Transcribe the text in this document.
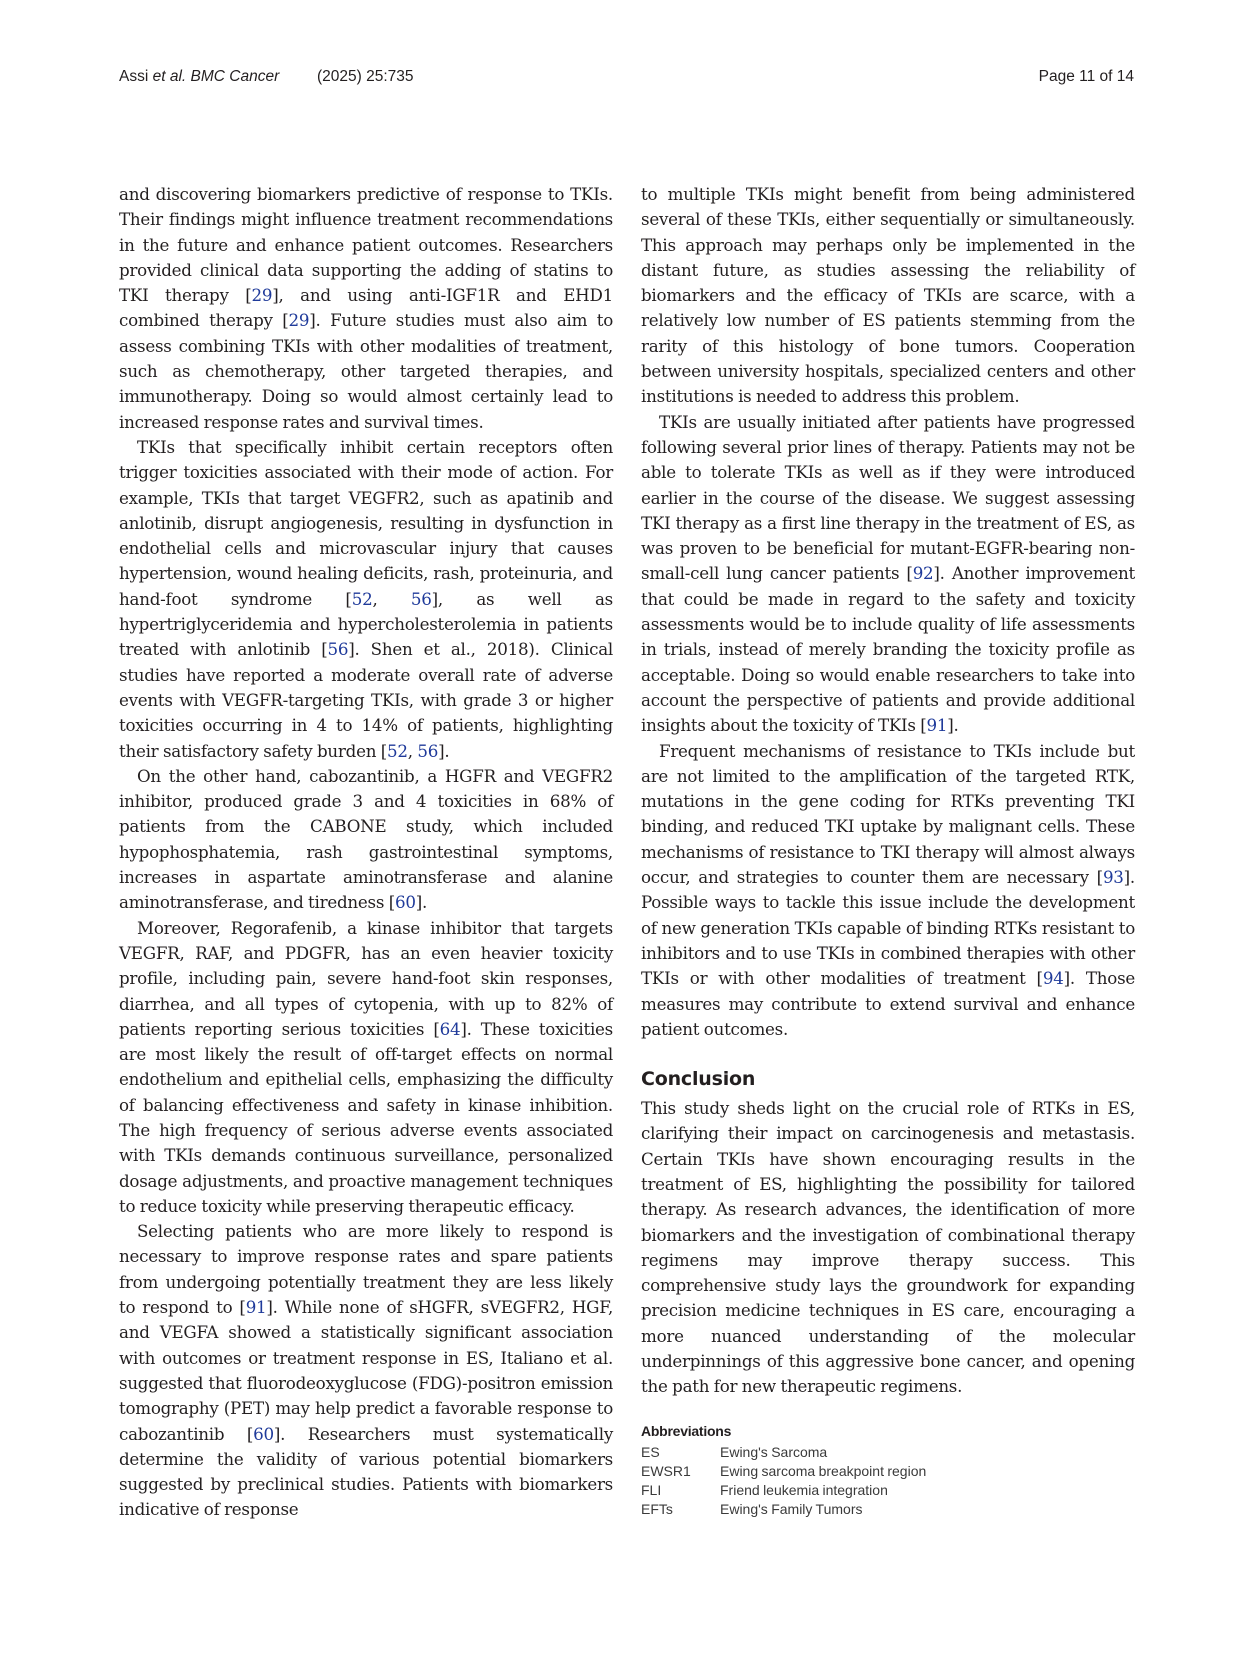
Assi et al. BMC Cancer (2025) 25:735	Page 11 of 14

and discovering biomarkers predictive of response to TKIs. Their findings might influence treatment recommendations in the future and enhance patient outcomes. Researchers provided clinical data supporting the adding of statins to TKI therapy [29], and using anti-IGF1R and EHD1 combined therapy [29]. Future studies must also aim to assess combining TKIs with other modalities of treatment, such as chemotherapy, other targeted therapies, and immunotherapy. Doing so would almost certainly lead to increased response rates and survival times.

TKIs that specifically inhibit certain receptors often trigger toxicities associated with their mode of action. For example, TKIs that target VEGFR2, such as apatinib and anlotinib, disrupt angiogenesis, resulting in dysfunction in endothelial cells and microvascular injury that causes hypertension, wound healing deficits, rash, proteinuria, and hand-foot syndrome [52, 56], as well as hypertriglyceridemia and hypercholesterolemia in patients treated with anlotinib [56]. Shen et al., 2018). Clinical studies have reported a moderate overall rate of adverse events with VEGFR-targeting TKIs, with grade 3 or higher toxicities occurring in 4 to 14% of patients, highlighting their satisfactory safety burden [52, 56].

On the other hand, cabozantinib, a HGFR and VEGFR2 inhibitor, produced grade 3 and 4 toxicities in 68% of patients from the CABONE study, which included hypophosphatemia, rash gastrointestinal symptoms, increases in aspartate aminotransferase and alanine aminotransferase, and tiredness [60].

Moreover, Regorafenib, a kinase inhibitor that targets VEGFR, RAF, and PDGFR, has an even heavier toxicity profile, including pain, severe hand-foot skin responses, diarrhea, and all types of cytopenia, with up to 82% of patients reporting serious toxicities [64]. These toxicities are most likely the result of off-target effects on normal endothelium and epithelial cells, emphasizing the difficulty of balancing effectiveness and safety in kinase inhibition. The high frequency of serious adverse events associated with TKIs demands continuous surveillance, personalized dosage adjustments, and proactive management techniques to reduce toxicity while preserving therapeutic efficacy.

Selecting patients who are more likely to respond is necessary to improve response rates and spare patients from undergoing potentially treatment they are less likely to respond to [91]. While none of sHGFR, sVEGFR2, HGF, and VEGFA showed a statistically significant association with outcomes or treatment response in ES, Italiano et al. suggested that fluorodeoxyglucose (FDG)-positron emission tomography (PET) may help predict a favorable response to cabozantinib [60]. Researchers must systematically determine the validity of various potential biomarkers suggested by preclinical studies. Patients with biomarkers indicative of response

to multiple TKIs might benefit from being administered several of these TKIs, either sequentially or simultaneously. This approach may perhaps only be implemented in the distant future, as studies assessing the reliability of biomarkers and the efficacy of TKIs are scarce, with a relatively low number of ES patients stemming from the rarity of this histology of bone tumors. Cooperation between university hospitals, specialized centers and other institutions is needed to address this problem.

TKIs are usually initiated after patients have progressed following several prior lines of therapy. Patients may not be able to tolerate TKIs as well as if they were introduced earlier in the course of the disease. We suggest assessing TKI therapy as a first line therapy in the treatment of ES, as was proven to be beneficial for mutant-EGFR-bearing non-small-cell lung cancer patients [92]. Another improvement that could be made in regard to the safety and toxicity assessments would be to include quality of life assessments in trials, instead of merely branding the toxicity profile as acceptable. Doing so would enable researchers to take into account the perspective of patients and provide additional insights about the toxicity of TKIs [91].

Frequent mechanisms of resistance to TKIs include but are not limited to the amplification of the targeted RTK, mutations in the gene coding for RTKs preventing TKI binding, and reduced TKI uptake by malignant cells. These mechanisms of resistance to TKI therapy will almost always occur, and strategies to counter them are necessary [93]. Possible ways to tackle this issue include the development of new generation TKIs capable of binding RTKs resistant to inhibitors and to use TKIs in combined therapies with other TKIs or with other modalities of treatment [94]. Those measures may contribute to extend survival and enhance patient outcomes.

Conclusion

This study sheds light on the crucial role of RTKs in ES, clarifying their impact on carcinogenesis and metastasis. Certain TKIs have shown encouraging results in the treatment of ES, highlighting the possibility for tailored therapy. As research advances, the identification of more biomarkers and the investigation of combinational therapy regimens may improve therapy success. This comprehensive study lays the groundwork for expanding precision medicine techniques in ES care, encouraging a more nuanced understanding of the molecular underpinnings of this aggressive bone cancer, and opening the path for new therapeutic regimens.

Abbreviations
ES	Ewing's Sarcoma
EWSR1	Ewing sarcoma breakpoint region
FLI	Friend leukemia integration
EFTs	Ewing's Family Tumors
